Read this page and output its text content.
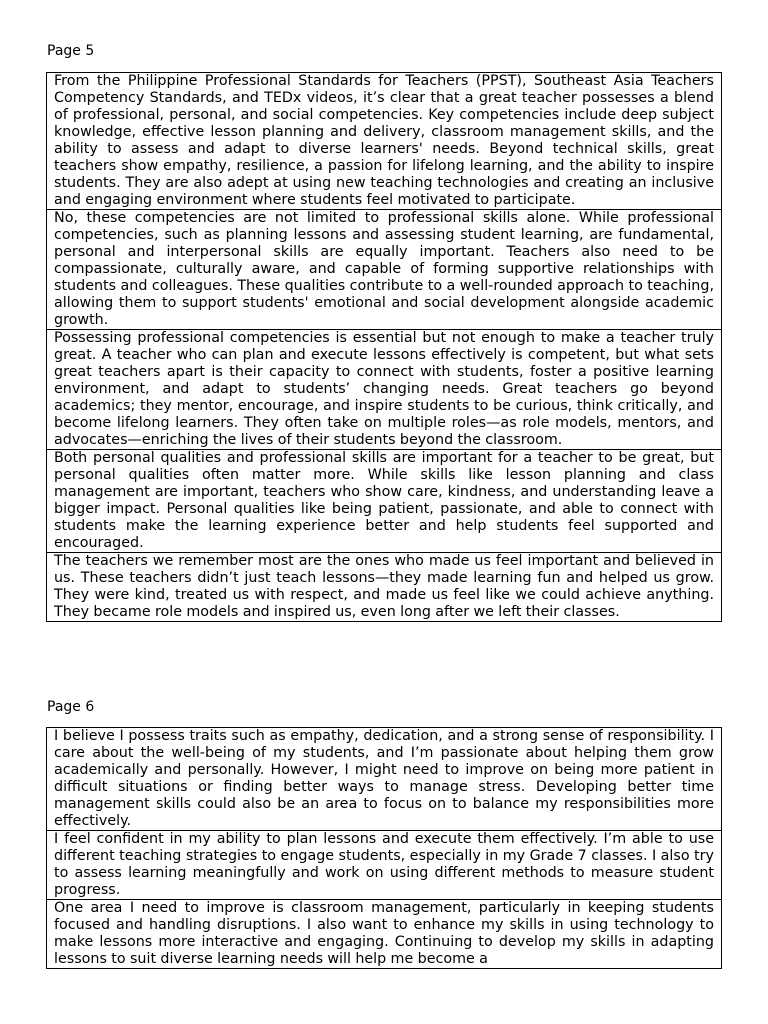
Page 5
From the Philippine Professional Standards for Teachers (PPST), Southeast Asia Teachers Competency Standards, and TEDx videos, it’s clear that a great teacher possesses a blend of professional, personal, and social competencies. Key competencies include deep subject knowledge, effective lesson planning and delivery, classroom management skills, and the ability to assess and adapt to diverse learners' needs. Beyond technical skills, great teachers show empathy, resilience, a passion for lifelong learning, and the ability to inspire students. They are also adept at using new teaching technologies and creating an inclusive and engaging environment where students feel motivated to participate.
No, these competencies are not limited to professional skills alone. While professional competencies, such as planning lessons and assessing student learning, are fundamental, personal and interpersonal skills are equally important. Teachers also need to be compassionate, culturally aware, and capable of forming supportive relationships with students and colleagues. These qualities contribute to a well-rounded approach to teaching, allowing them to support students' emotional and social development alongside academic growth.
Possessing professional competencies is essential but not enough to make a teacher truly great. A teacher who can plan and execute lessons effectively is competent, but what sets great teachers apart is their capacity to connect with students, foster a positive learning environment, and adapt to students’ changing needs. Great teachers go beyond academics; they mentor, encourage, and inspire students to be curious, think critically, and become lifelong learners. They often take on multiple roles—as role models, mentors, and advocates—enriching the lives of their students beyond the classroom.
Both personal qualities and professional skills are important for a teacher to be great, but personal qualities often matter more. While skills like lesson planning and class management are important, teachers who show care, kindness, and understanding leave a bigger impact. Personal qualities like being patient, passionate, and able to connect with students make the learning experience better and help students feel supported and encouraged.
The teachers we remember most are the ones who made us feel important and believed in us. These teachers didn’t just teach lessons—they made learning fun and helped us grow. They were kind, treated us with respect, and made us feel like we could achieve anything. They became role models and inspired us, even long after we left their classes.
Page 6
I believe I possess traits such as empathy, dedication, and a strong sense of responsibility. I care about the well-being of my students, and I’m passionate about helping them grow academically and personally. However, I might need to improve on being more patient in difficult situations or finding better ways to manage stress. Developing better time management skills could also be an area to focus on to balance my responsibilities more effectively.
I feel confident in my ability to plan lessons and execute them effectively. I’m able to use different teaching strategies to engage students, especially in my Grade 7 classes. I also try to assess learning meaningfully and work on using different methods to measure student progress.
One area I need to improve is classroom management, particularly in keeping students focused and handling disruptions. I also want to enhance my skills in using technology to make lessons more interactive and engaging. Continuing to develop my skills in adapting lessons to suit diverse learning needs will help me become a
